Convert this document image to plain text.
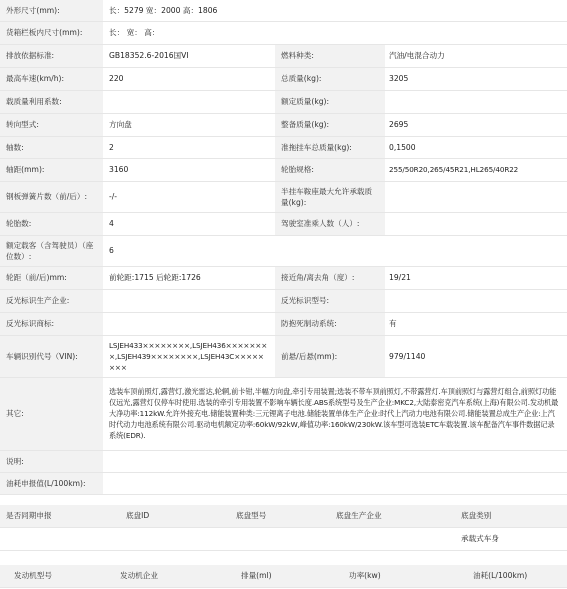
外形尺寸(mm):	长：5279 宽：2000 高：1806		
货箱栏板内尺寸(mm):	长： 宽： 高：		
排放依据标准:	GB18352.6-2016国VI	燃料种类:	汽油/电混合动力
最高车速(km/h):	220	总质量(kg):	3205
载质量利用系数:		额定质量(kg):	
转向型式:	方向盘	整备质量(kg):	2695
轴数:	2	准拖挂车总质量(kg):	0,1500
轴距(mm):	3160	轮胎规格:	255/50R20,265/45R21,HL265/40R22
钢板弹簧片数（前/后）:	-/-	半挂车鞍座最大允许承载质量(kg):	
轮胎数:	4	驾驶室准乘人数（人）:	
额定载客（含驾驶员）（座位数）:	6		
轮距（前/后)mm:	前轮距:1715 后轮距:1726	接近角/离去角（度）:	19/21
反光标识生产企业:		反光标识型号:	
反光标识商标:		防抱死制动系统:	有
车辆识别代号（VIN):	LSJEH433××××××××,LSJEH436××××××××,LSJEH439××××××××,LSJEH43C××××××××	前悬/后悬(mm):	979/1140
其它:	选装车顶前照灯,露营灯,激光雷达,轮辋,前卡钳,半幅方向盘,牵引专用装置;选装不带车顶前照灯,不带露营灯.车顶前照灯与露营灯组合,前照灯功能仅远光,露营灯仅停车时使用.选装的牵引专用装置不影响车辆长度.ABS系统型号及生产企业:MKC2,大陆泰密克汽车系统(上海)有限公司.发动机最大净功率:112kW.允许外接充电.储能装置种类:三元锂离子电池.储能装置单体生产企业:时代上汽动力电池有限公司.储能装置总成生产企业:上汽时代动力电池系统有限公司.驱动电机额定功率:60kW/92kW,峰值功率:160kW/230kW.该车型可选装ETC车载装置.该车配备汽车事件数据记录系统(EDR).		
说明:			
油耗申报值(L/100km):			
是否同期申报	底盘ID	底盘型号	底盘生产企业	底盘类别
				承载式车身
发动机型号	发动机企业	排量(ml)	功率(kw)	油耗(L/100km)
